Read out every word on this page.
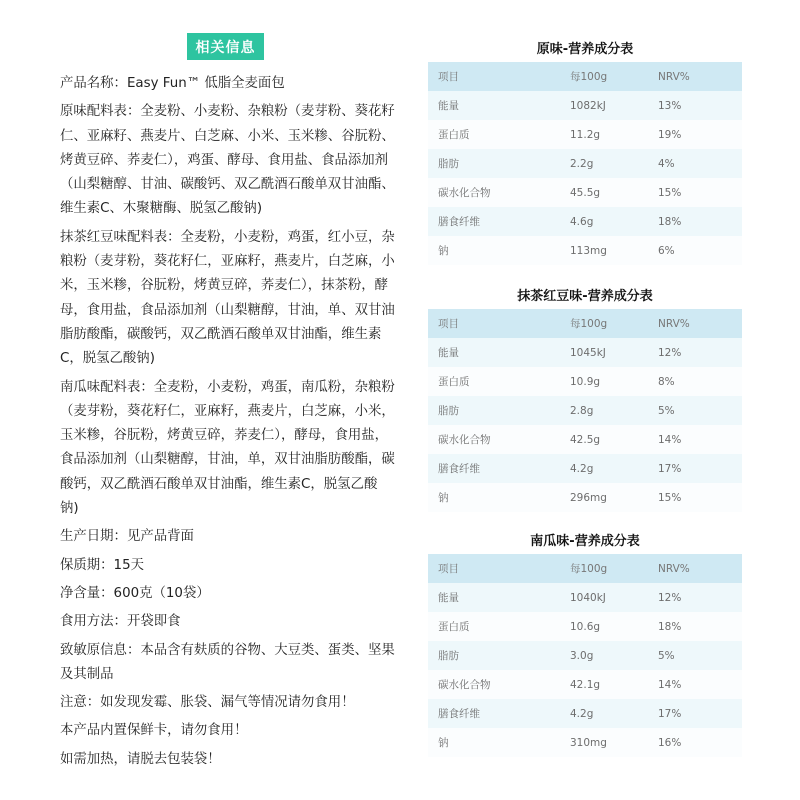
相关信息
产品名称：Easy Fun™ 低脂全麦面包
原味配料表：全麦粉、小麦粉、杂粮粉（麦芽粉、葵花籽仁、亚麻籽、燕麦片、白芝麻、小米、玉米糁、谷朊粉、烤黄豆碎、荞麦仁），鸡蛋、酵母、食用盐、食品添加剂（山梨糖醇、甘油、碳酸钙、双乙酰酒石酸单双甘油酯、维生素C、木聚糖酶、脱氢乙酸钠)
抹茶红豆味配料表：全麦粉，小麦粉，鸡蛋，红小豆，杂粮粉（麦芽粉，葵花籽仁，亚麻籽，燕麦片，白芝麻，小米，玉米糁，谷朊粉，烤黄豆碎，荞麦仁），抹茶粉，酵母，食用盐，食品添加剂（山梨糖醇，甘油，单、双甘油脂肪酸酯，碳酸钙，双乙酰酒石酸单双甘油酯，维生素C，脱氢乙酸钠)
南瓜味配料表：全麦粉，小麦粉，鸡蛋，南瓜粉，杂粮粉（麦芽粉，葵花籽仁，亚麻籽，燕麦片，白芝麻，小米，玉米糁，谷朊粉，烤黄豆碎，荞麦仁），酵母，食用盐，食品添加剂（山梨糖醇，甘油，单，双甘油脂肪酸酯，碳酸钙，双乙酰酒石酸单双甘油酯，维生素C，脱氢乙酸钠)
生产日期：见产品背面
保质期：15天
净含量：600克（10袋）
食用方法：开袋即食
致敏原信息：本品含有麸质的谷物、大豆类、蛋类、坚果及其制品
注意：如发现发霉、胀袋、漏气等情况请勿食用！
本产品内置保鲜卡，请勿食用！
如需加热，请脱去包装袋！
原味-营养成分表
项目	每100g	NRV%
能量	1082kJ	13%
蛋白质	11.2g	19%
脂肪	2.2g	4%
碳水化合物	45.5g	15%
膳食纤维	4.6g	18%
钠	113mg	6%
抹茶红豆味-营养成分表
项目	每100g	NRV%
能量	1045kJ	12%
蛋白质	10.9g	8%
脂肪	2.8g	5%
碳水化合物	42.5g	14%
膳食纤维	4.2g	17%
钠	296mg	15%
南瓜味-营养成分表
项目	每100g	NRV%
能量	1040kJ	12%
蛋白质	10.6g	18%
脂肪	3.0g	5%
碳水化合物	42.1g	14%
膳食纤维	4.2g	17%
钠	310mg	16%
